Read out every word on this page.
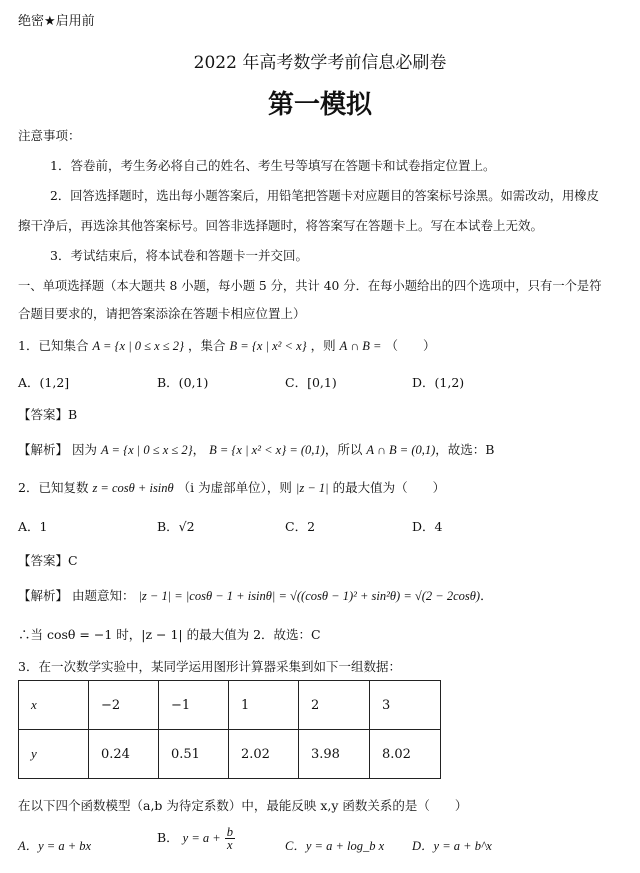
绝密★启用前
2022 年高考数学考前信息必刷卷
第一模拟
注意事项：
1．答卷前，考生务必将自己的姓名、考生号等填写在答题卡和试卷指定位置上。
2．回答选择题时，选出每小题答案后，用铅笔把答题卡对应题目的答案标号涂黑。如需改动，用橡皮
擦干净后，再选涂其他答案标号。回答非选择题时，将答案写在答题卡上。写在本试卷上无效。
3．考试结束后，将本试卷和答题卡一并交回。
一、单项选择题（本大题共 8 小题，每小题 5 分，共计 40 分．在每小题给出的四个选项中，只有一个是符
合题目要求的，请把答案添涂在答题卡相应位置上）
1．已知集合 A = {x | 0 ≤ x ≤ 2} ，集合 B = {x | x² < x} ，则 A ∩ B = （　　）
A．(1,2]	B．(0,1)	C．[0,1)	D．(1,2)
【答案】B
【解析】 因为 A = {x | 0 ≤ x ≤ 2}， B = {x | x² < x} = (0,1)，所以 A ∩ B = (0,1)，故选：B
2．已知复数 z = cosθ + isinθ （i 为虚部单位），则 |z − 1| 的最大值为（　　）
A．1	B．√2	C．2	D．4
【答案】C
【解析】 由题意知： |z − 1| = |cosθ − 1 + isinθ| = √((cosθ − 1)² + sin²θ) = √(2 − 2cosθ)．
∴当 cosθ = −1 时，|z − 1| 的最大值为 2．故选：C
3．在一次数学实验中，某同学运用图形计算器采集到如下一组数据：
x	−2	−1	1	2	3
y	0.24	0.51	2.02	3.98	8.02
在以下四个函数模型（a,b 为待定系数）中，最能反映 x,y 函数关系的是（　　）
A．y = a + bx
B． $y = a + \frac{b}{x}$	C．y = a + log_b x D．y = a + b^x
